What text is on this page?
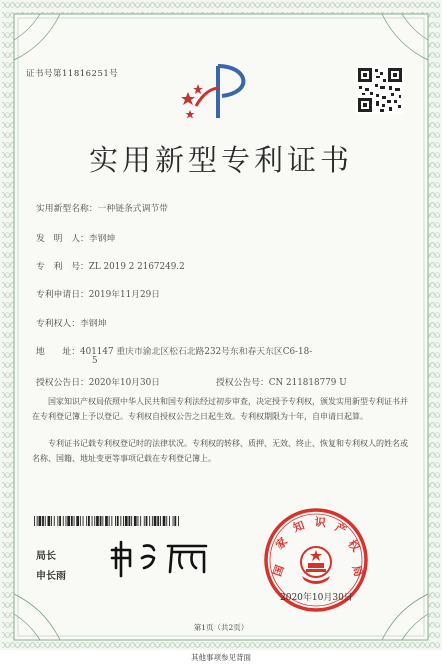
证书号第11816251号
实用新型专利证书
实用新型名称：一种链条式调节带
发　明　人：李钢坤
专　利　号：ZL 2019 2 2167249.2
专利申请日：2019年11月29日
专利权人：李钢坤
地　　址：401147 重庆市渝北区松石北路232号东和春天东区C6-18-
5
授权公告日：2020年10月30日	授权公告号：CN 211818779 U
国家知识产权局依照中华人民共和国专利法经过初步审查，决定授予专利权，颁发实用新型专利证书并在专利登记簿上予以登记。专利权自授权公告之日起生效。专利权期限为十年，自申请日起算。
专利证书记载专利权登记时的法律状况。专利权的转移、质押、无效、终止、恢复和专利权人的姓名或名称、国籍、地址变更等事项记载在专利登记簿上。
局长
申长雨	国
家
知 识 产
权
局
2020年10月30日
第1页（共2页）
其他事项参见背面
